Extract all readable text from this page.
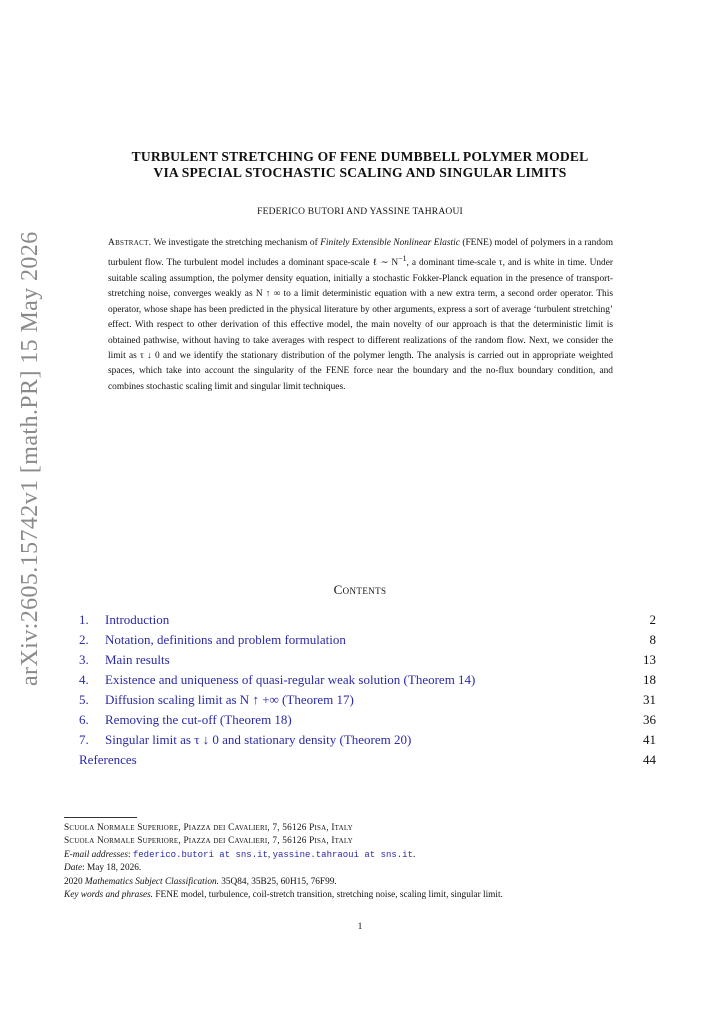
arXiv:2605.15742v1 [math.PR] 15 May 2026
TURBULENT STRETCHING OF FENE DUMBBELL POLYMER MODEL
VIA SPECIAL STOCHASTIC SCALING AND SINGULAR LIMITS
FEDERICO BUTORI AND YASSINE TAHRAOUI
Abstract. We investigate the stretching mechanism of Finitely Extensible Nonlinear Elastic (FENE) model of polymers in a random turbulent flow. The turbulent model includes a dominant space-scale ℓ ∼ $N^{-1}$, a dominant time-scale τ, and is white in time. Under suitable scaling assumption, the polymer density equation, initially a stochastic Fokker-Planck equation in the presence of transport-stretching noise, converges weakly as N ↑ ∞ to a limit deterministic equation with a new extra term, a second order operator. This operator, whose shape has been predicted in the physical literature by other arguments, express a sort of average ‘turbulent stretching’ effect. With respect to other derivation of this effective model, the main novelty of our approach is that the deterministic limit is obtained pathwise, without having to take averages with respect to different realizations of the random flow. Next, we consider the limit as τ ↓ 0 and we identify the stationary distribution of the polymer length. The analysis is carried out in appropriate weighted spaces, which take into account the singularity of the FENE force near the boundary and the no-flux boundary condition, and combines stochastic scaling limit and singular limit techniques.
Contents
1. Introduction	2
2. Notation, definitions and problem formulation	8
3. Main results	13
4. Existence and uniqueness of quasi-regular weak solution (Theorem 14)	18
5. Diffusion scaling limit as N ↑ +∞ (Theorem 17)	31
6. Removing the cut-off (Theorem 18)	36
7. Singular limit as τ ↓ 0 and stationary density (Theorem 20)	41
References	44
Scuola Normale Superiore, Piazza dei Cavalieri, 7, 56126 Pisa, Italy
Scuola Normale Superiore, Piazza dei Cavalieri, 7, 56126 Pisa, Italy
E-mail addresses: federico.butori at sns.it, yassine.tahraoui at sns.it.
Date: May 18, 2026.
2020 Mathematics Subject Classification. 35Q84, 35B25, 60H15, 76F99.
Key words and phrases. FENE model, turbulence, coil-stretch transition, stretching noise, scaling limit, singular limit.
1
